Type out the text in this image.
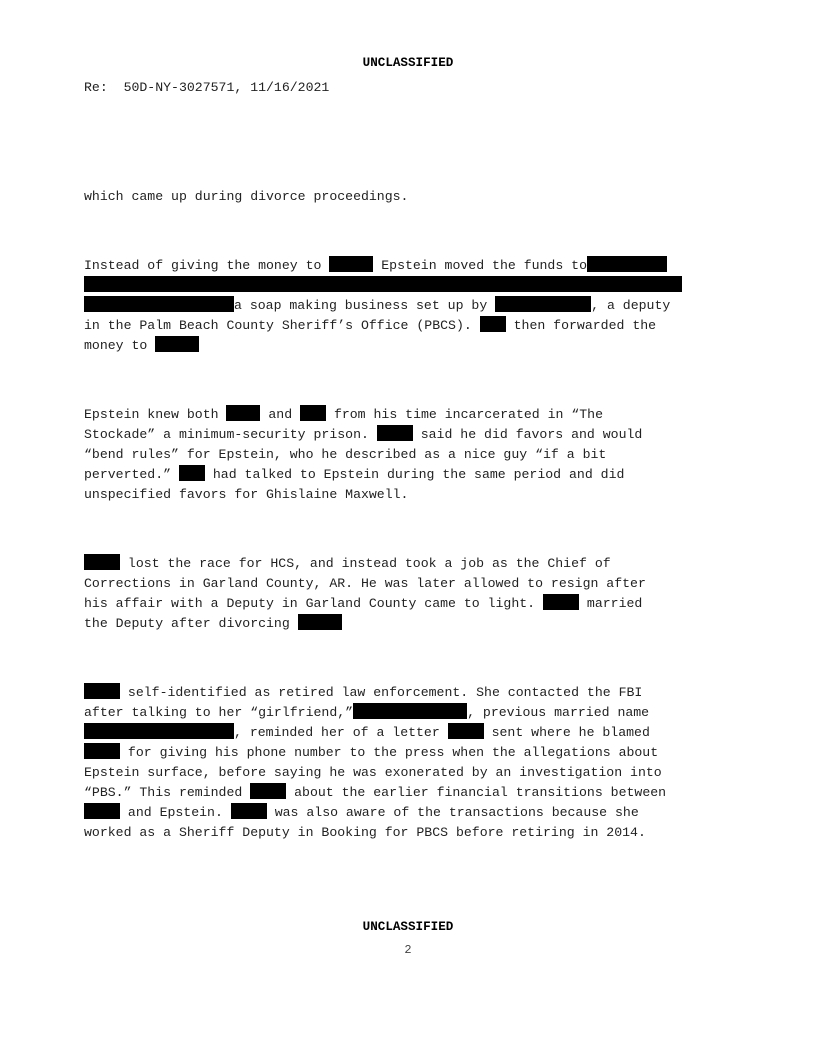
UNCLASSIFIED
Re:  50D-NY-3027571, 11/16/2021
which came up during divorce proceedings.
Instead of giving the money to	Epstein moved the funds to
a soap making business set up by	, a deputy
in the Palm Beach County Sheriff’s Office (PBCS).  then forwarded the
money to
Epstein knew both	and  from his time incarcerated in “The
Stockade” a minimum-security prison.	said he did favors and would
“bend rules” for Epstein, who he described as a nice guy “if a bit
perverted.”  had talked to Epstein during the same period and did
unspecified favors for Ghislaine Maxwell.
lost the race for HCS, and instead took a job as the Chief of
Corrections in Garland County, AR. He was later allowed to resign after
his affair with a Deputy in Garland County came to light.	married
the Deputy after divorcing
self-identified as retired law enforcement. She contacted the FBI
after talking to her “girlfriend,”	, previous married name
, reminded her of a letter	sent where he blamed
for giving his phone number to the press when the allegations about
Epstein surface, before saying he was exonerated by an investigation into
“PBS.” This reminded	about the earlier financial transitions between
and Epstein.	was also aware of the transactions because she
worked as a Sheriff Deputy in Booking for PBCS before retiring in 2014.
UNCLASSIFIED
2
